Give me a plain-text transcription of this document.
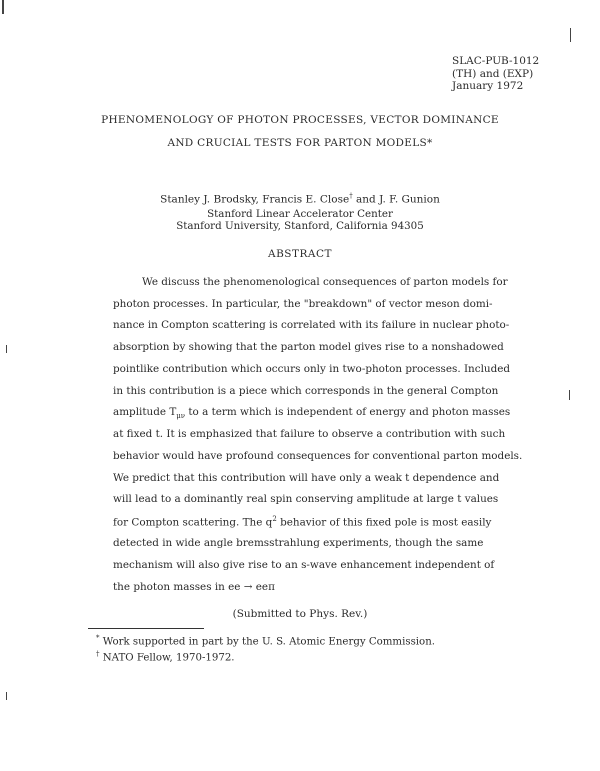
SLAC-PUB-1012
(TH) and (EXP)
January 1972
PHENOMENOLOGY OF PHOTON PROCESSES, VECTOR DOMINANCE
AND CRUCIAL TESTS FOR PARTON MODELS*
Stanley J. Brodsky, Francis E. Close† and J. F. Gunion
Stanford Linear Accelerator Center
Stanford University, Stanford, California 94305
ABSTRACT
We discuss the phenomenological consequences of parton models for
photon processes. In particular, the "breakdown" of vector meson domi-
nance in Compton scattering is correlated with its failure in nuclear photo-
absorption by showing that the parton model gives rise to a nonshadowed
pointlike contribution which occurs only in two-photon processes. Included
in this contribution is a piece which corresponds in the general Compton
amplitude $T_{\mu\nu}$ to a term which is independent of energy and photon masses
at fixed t. It is emphasized that failure to observe a contribution with such
behavior would have profound consequences for conventional parton models.
We predict that this contribution will have only a weak t dependence and
will lead to a dominantly real spin conserving amplitude at large t values
for Compton scattering. The $q^2$ behavior of this fixed pole is most easily
detected in wide angle bremsstrahlung experiments, though the same
mechanism will also give rise to an s-wave enhancement independent of
the photon masses in ee → eeπ
(Submitted to Phys. Rev.)
* Work supported in part by the U. S. Atomic Energy Commission.
† NATO Fellow, 1970-1972.
